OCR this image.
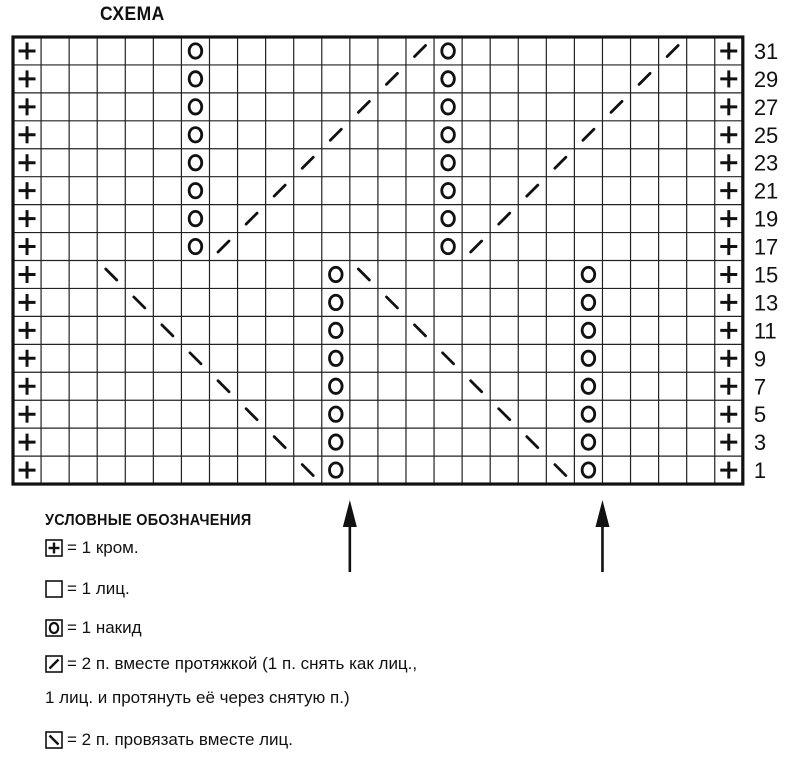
СХЕМА
31
29
27
25
23
21
19
17
15
13
11
9
7
5
3
1
УСЛОВНЫЕ ОБОЗНАЧЕНИЯ
= 1 кром.
= 1 лиц.
= 1 накид
= 2 п. вместе протяжкой (1 п. снять как лиц.,
1 лиц. и протянуть её через снятую п.)
= 2 п. провязать вместе лиц.
